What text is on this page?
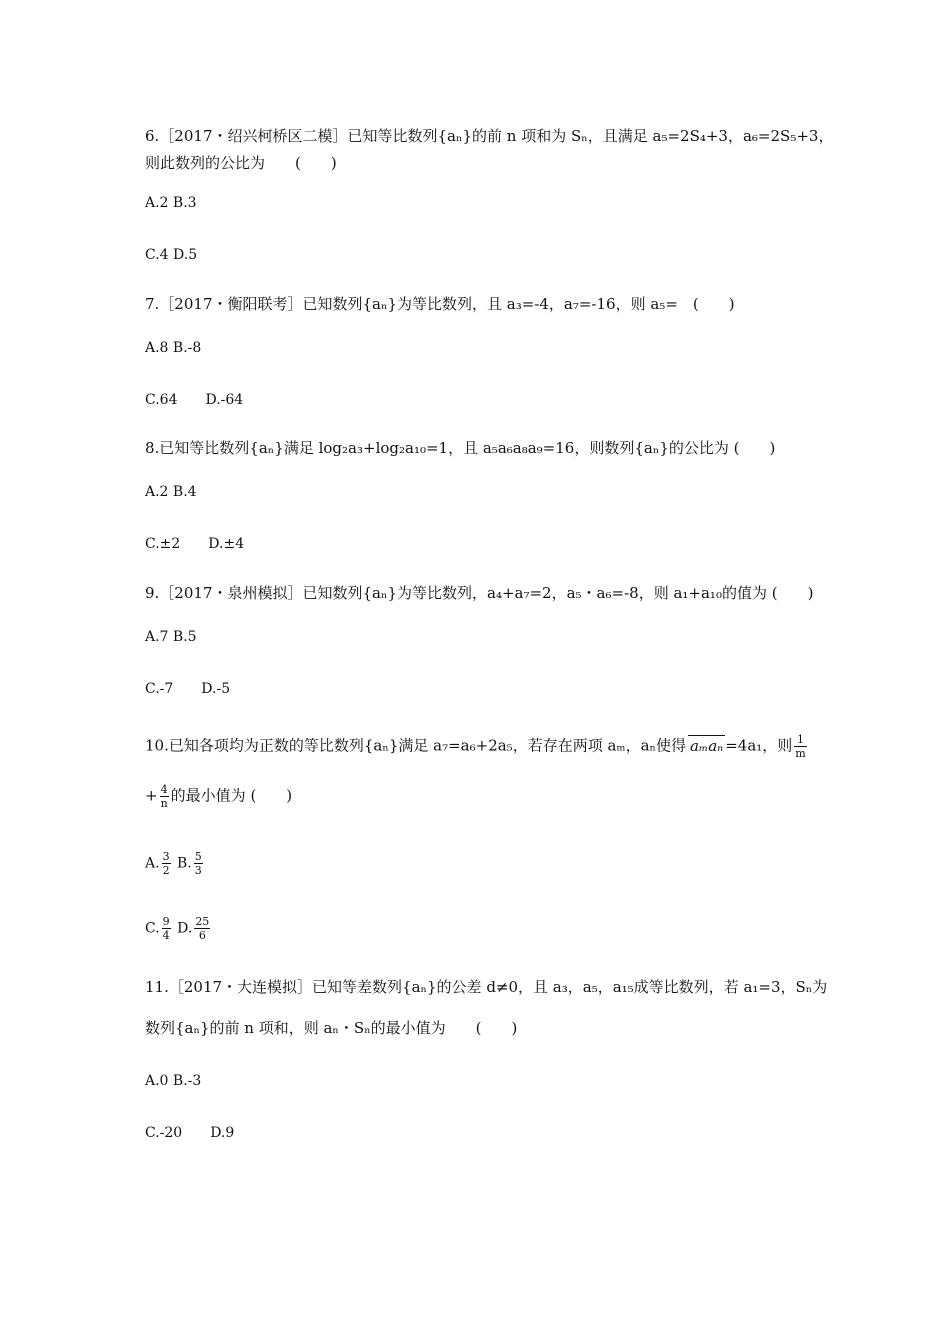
6.［2017・绍兴柯桥区二模］已知等比数列{aₙ}的前 n 项和为 Sₙ，且满足 a₅=2S₄+3，a₆=2S₅+3，
则此数列的公比为　　(　　)
A.2 B.3
C.4 D.5
7.［2017・衡阳联考］已知数列{aₙ}为等比数列，且 a₃=-4，a₇=-16，则 a₅=　(　　)
A.8 B.-8
C.64　　D.-64
8.已知等比数列{aₙ}满足 log₂a₃+log₂a₁₀=1，且 a₅a₆a₈a₉=16，则数列{aₙ}的公比为 (　　)
A.2 B.4
C.±2　　D.±4
9.［2017・泉州模拟］已知数列{aₙ}为等比数列，a₄+a₇=2，a₅・a₆=-8，则 a₁+a₁₀的值为 (　　)
A.7 B.5
C.-7　　D.-5
10.已知各项均为正数的等比数列{aₙ}满足 a₇=a₆+2a₅，若存在两项 aₘ，aₙ使得 aₘaₙ =4a₁，则 $\frac{1}{m}$
+ $\frac{4}{n}$ 的最小值为 (　　)
A. $\frac{3}{2} B$. $\frac{5}{3}$
C. $\frac{9}{4} D$. $\frac{25}{6}$
11.［2017・大连模拟］已知等差数列{aₙ}的公差 d≠0，且 a₃，a₅，a₁₅成等比数列，若 a₁=3，Sₙ为
数列{aₙ}的前 n 项和，则 aₙ・Sₙ的最小值为　　(　　)
A.0 B.-3
C.-20　　D.9
